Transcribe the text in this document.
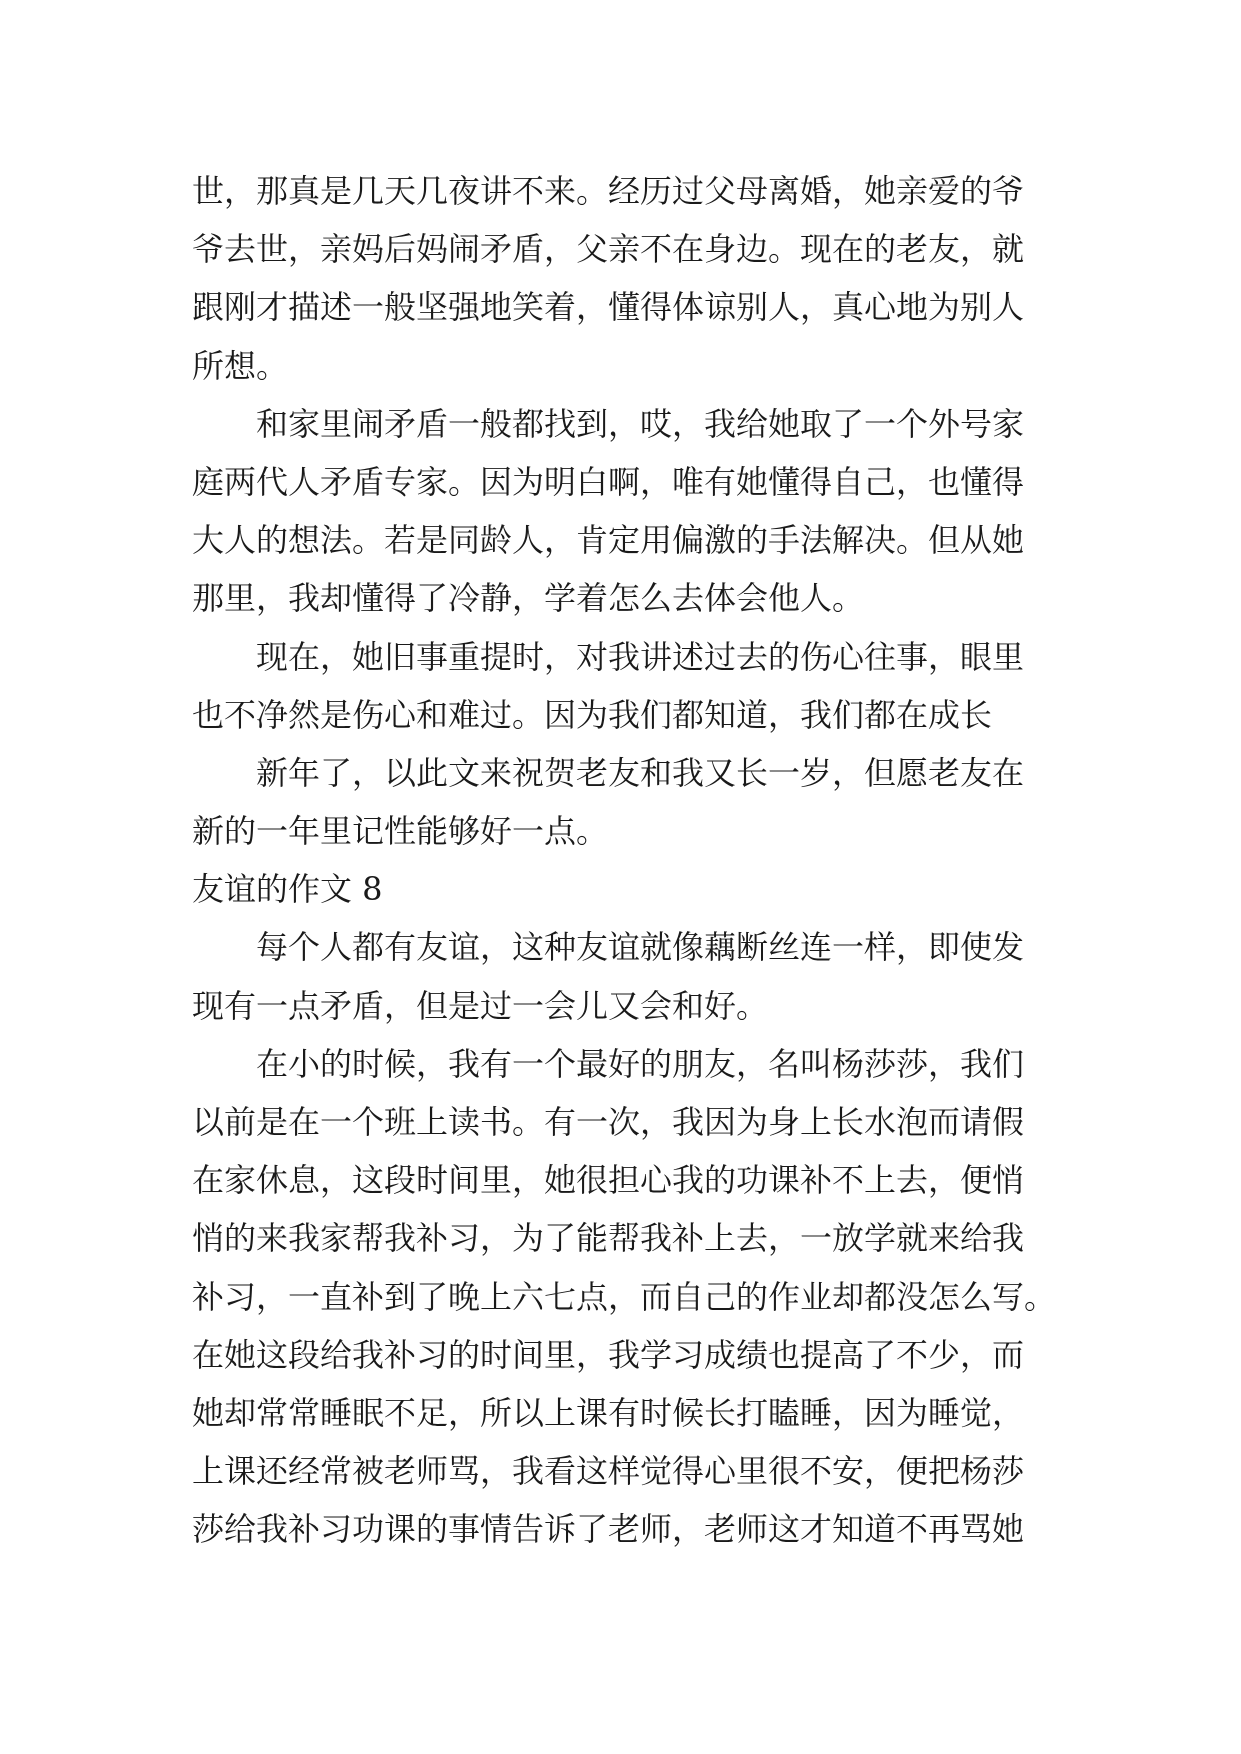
世，那真是几天几夜讲不来。经历过父母离婚，她亲爱的爷
爷去世，亲妈后妈闹矛盾，父亲不在身边。现在的老友，就
跟刚才描述一般坚强地笑着，懂得体谅别人，真心地为别人
所想。
和家里闹矛盾一般都找到，哎，我给她取了一个外号家
庭两代人矛盾专家。因为明白啊，唯有她懂得自己，也懂得
大人的想法。若是同龄人，肯定用偏激的手法解决。但从她
那里，我却懂得了冷静，学着怎么去体会他人。
现在，她旧事重提时，对我讲述过去的伤心往事，眼里
也不净然是伤心和难过。因为我们都知道，我们都在成长
新年了，以此文来祝贺老友和我又长一岁，但愿老友在
新的一年里记性能够好一点。
友谊的作文 8
每个人都有友谊，这种友谊就像藕断丝连一样，即使发
现有一点矛盾，但是过一会儿又会和好。
在小的时候，我有一个最好的朋友，名叫杨莎莎，我们
以前是在一个班上读书。有一次，我因为身上长水泡而请假
在家休息，这段时间里，她很担心我的功课补不上去，便悄
悄的来我家帮我补习，为了能帮我补上去，一放学就来给我
补习，一直补到了晚上六七点，而自己的作业却都没怎么写。
在她这段给我补习的时间里，我学习成绩也提高了不少，而
她却常常睡眠不足，所以上课有时候长打瞌睡，因为睡觉，
上课还经常被老师骂，我看这样觉得心里很不安，便把杨莎
莎给我补习功课的事情告诉了老师，老师这才知道不再骂她
